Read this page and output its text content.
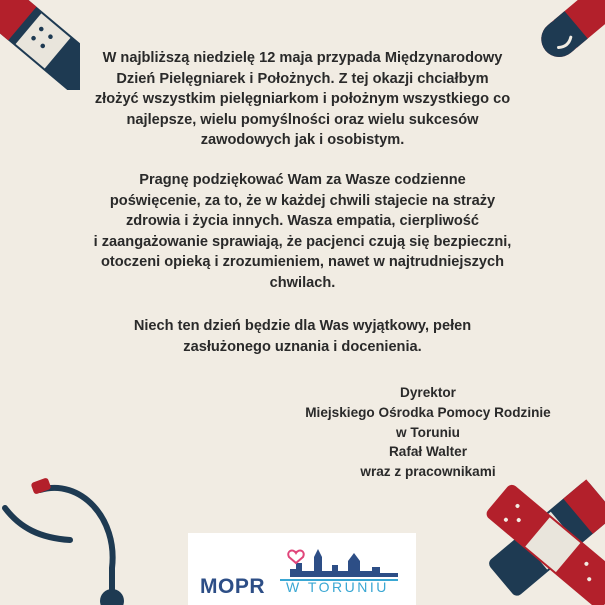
W najbliższą niedzielę 12 maja przypada Międzynarodowy
Dzień Pielęgniarek i Położnych. Z tej okazji chciałbym
złożyć wszystkim pielęgniarkom i położnym wszystkiego co
najlepsze, wielu pomyślności oraz wielu sukcesów
zawodowych jak i osobistym.

Pragnę podziękować Wam za Wasze codzienne
poświęcenie, za to, że w każdej chwili stajecie na straży
zdrowia i życia innych. Wasza empatia, cierpliwość
i zaangażowanie sprawiają, że pacjenci czują się bezpieczni,
otoczeni opieką i zrozumieniem, nawet w najtrudniejszych
chwilach.

Niech ten dzień będzie dla Was wyjątkowy, pełen
zasłużonego uznania i docenienia.

Dyrektor
Miejskiego Ośrodka Pomocy Rodzinie
w Toruniu
Rafał Walter
wraz z pracownikami
MOPR W TORUNIU
